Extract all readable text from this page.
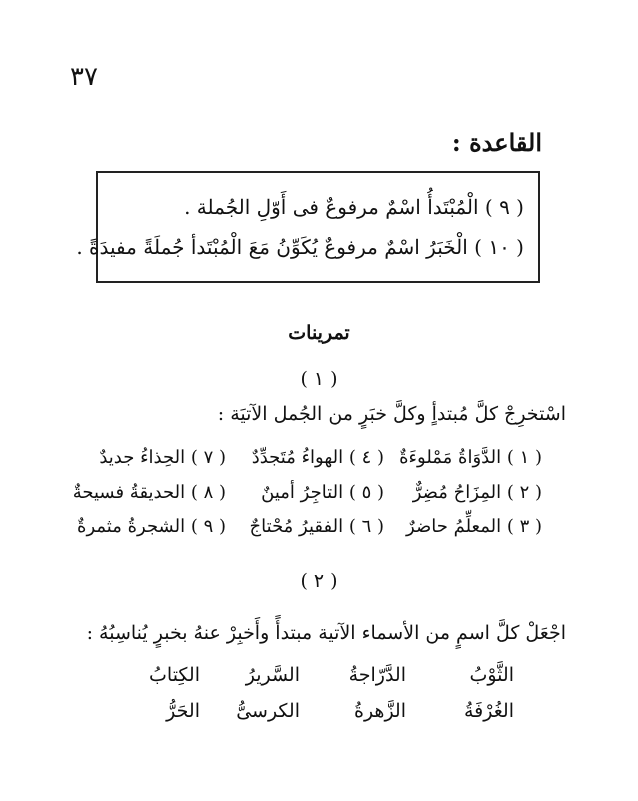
٣٧
القاعدة :
( ٩ ) الْمُبْتَدأُ اسْمٌ مرفوعٌ فى أَوّلِ الجُملة .
( ١٠ ) الْخَبَرُ اسْمٌ مرفوعٌ يُكَوِّنُ مَعَ الْمُبْتَدأ جُملَةً مفيدَةً .
تمرينات
( ١ )
اسْتخرِجْ كلَّ مُبتدأٍ وكلَّ خبَرٍ من الجُمل الآتيَة :
( ١ ) الدَّوَاةُ مَمْلوءَةٌ
( ٤ ) الهواءُ مُتَجدِّدٌ
( ٧ ) الحِذاءُ جديدٌ
( ٢ ) المِزَاحُ مُضِرٌّ
( ٥ ) التاجِرُ أمينٌ
( ٨ ) الحديقةُ فسيحةٌ
( ٣ ) المعلِّمُ حاضرٌ
( ٦ ) الفقيرُ مُحْتاجٌ
( ٩ ) الشجرةُ مثمرةٌ
( ٢ )
اجْعَلْ كلَّ اسمٍ من الأسماء الآتية مبتدأً وأَخبِرْ عنهُ بخبرٍ يُناسِبُهُ :
الثَّوْبُ
الدَّرّاجةُ
السَّريرُ
الكِتابُ
الغُرْفَةُ
الزَّهرةُ
الكرسىُّ
الحَرُّ
